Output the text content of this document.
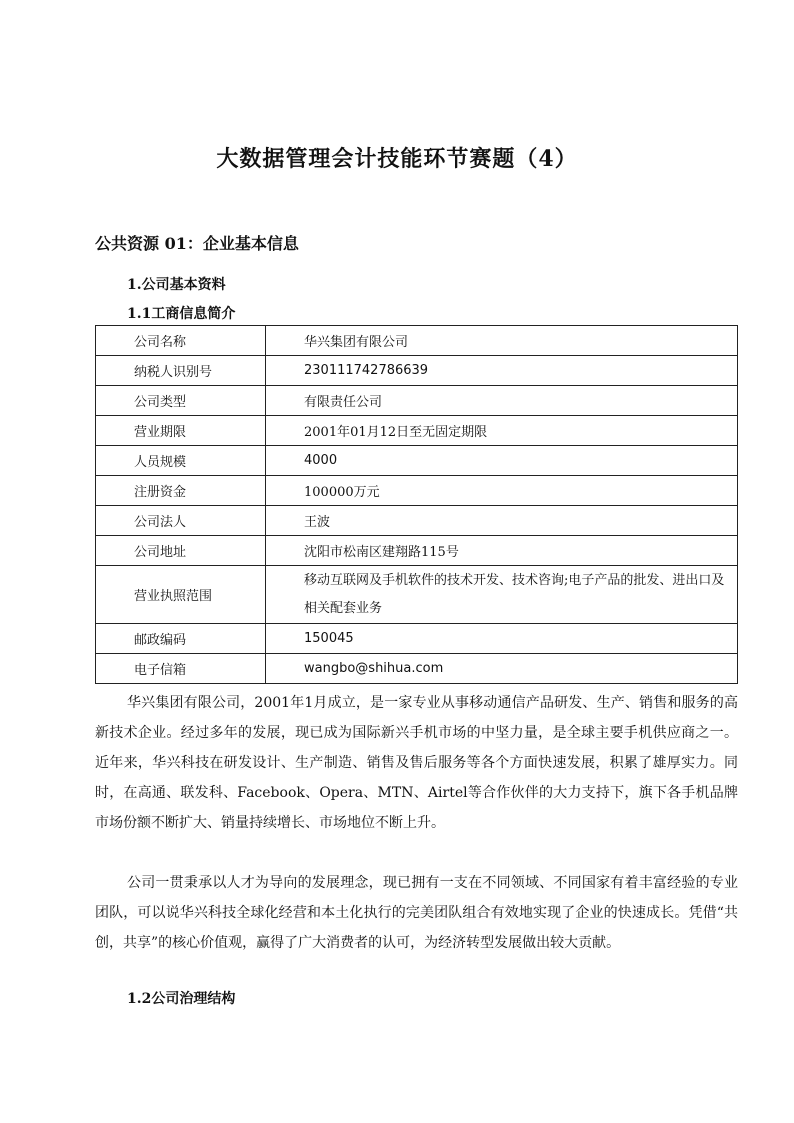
大数据管理会计技能环节赛题（4）
公共资源 01：企业基本信息
1.公司基本资料
1.1工商信息简介
公司名称	华兴集团有限公司
纳税人识别号	230111742786639
公司类型	有限责任公司
营业期限	2001年01月12日至无固定期限
人员规模	4000
注册资金	100000万元
公司法人	王波
公司地址	沈阳市松南区建翔路115号
营业执照范围	移动互联网及手机软件的技术开发、技术咨询;电子产品的批发、进出口及相关配套业务

邮政编码	150045
电子信箱	wangbo@shihua.com
华兴集团有限公司，2001年1月成立，是一家专业从事移动通信产品研发、生产、销售和服务的高新技术企业。经过多年的发展，现已成为国际新兴手机市场的中坚力量，是全球主要手机供应商之一。近年来，华兴科技在研发设计、生产制造、销售及售后服务等各个方面快速发展，积累了雄厚实力。同时，在高通、联发科、Facebook、Opera、MTN、Airtel等合作伙伴的大力支持下，旗下各手机品牌市场份额不断扩大、销量持续增长、市场地位不断上升。
公司一贯秉承以人才为导向的发展理念，现已拥有一支在不同领域、不同国家有着丰富经验的专业团队，可以说华兴科技全球化经营和本土化执行的完美团队组合有效地实现了企业的快速成长。凭借“共创，共享”的核心价值观，赢得了广大消费者的认可，为经济转型发展做出较大贡献。
1.2公司治理结构
